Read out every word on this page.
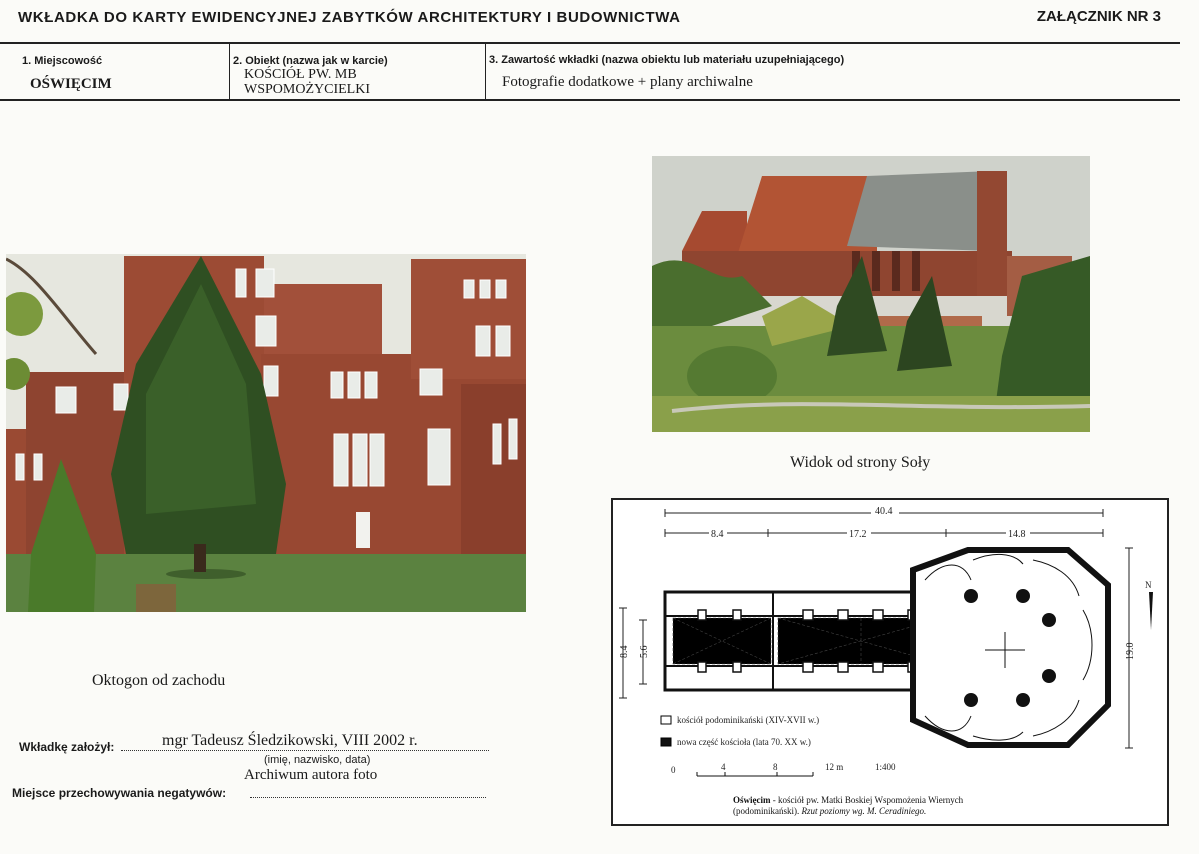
WKŁADKA DO KARTY EWIDENCYJNEJ ZABYTKÓW ARCHITEKTURY I BUDOWNICTWA	ZAŁĄCZNIK NR 3
1. Miejscowość
OŚWIĘCIM
2. Obiekt (nazwa jak w karcie)
KOŚCIÓŁ PW. MB
WSPOMOŻYCIELKI
3. Zawartość wkładki (nazwa obiektu lub materiału uzupełniającego)
Fotografie dodatkowe + plany archiwalne
Oktogon od zachodu
Widok od strony Soły
Wkładkę założył:	mgr Tadeusz Śledzikowski, VIII 2002 r.
(imię, nazwisko, data)
Archiwum autora foto
Miejsce przechowywania negatywów:
40.4
8.4	17.2	14.8
8.4 5.6	19.0
N
kościół podominikański (XIV-XVII w.)
nowa część kościoła (lata 70. XX w.)
0	4	8	12 m	1:400
Oświęcim - kościół pw. Matki Boskiej Wspomożenia Wiernych
(podominikański). Rzut poziomy wg. M. Ceradiniego.
